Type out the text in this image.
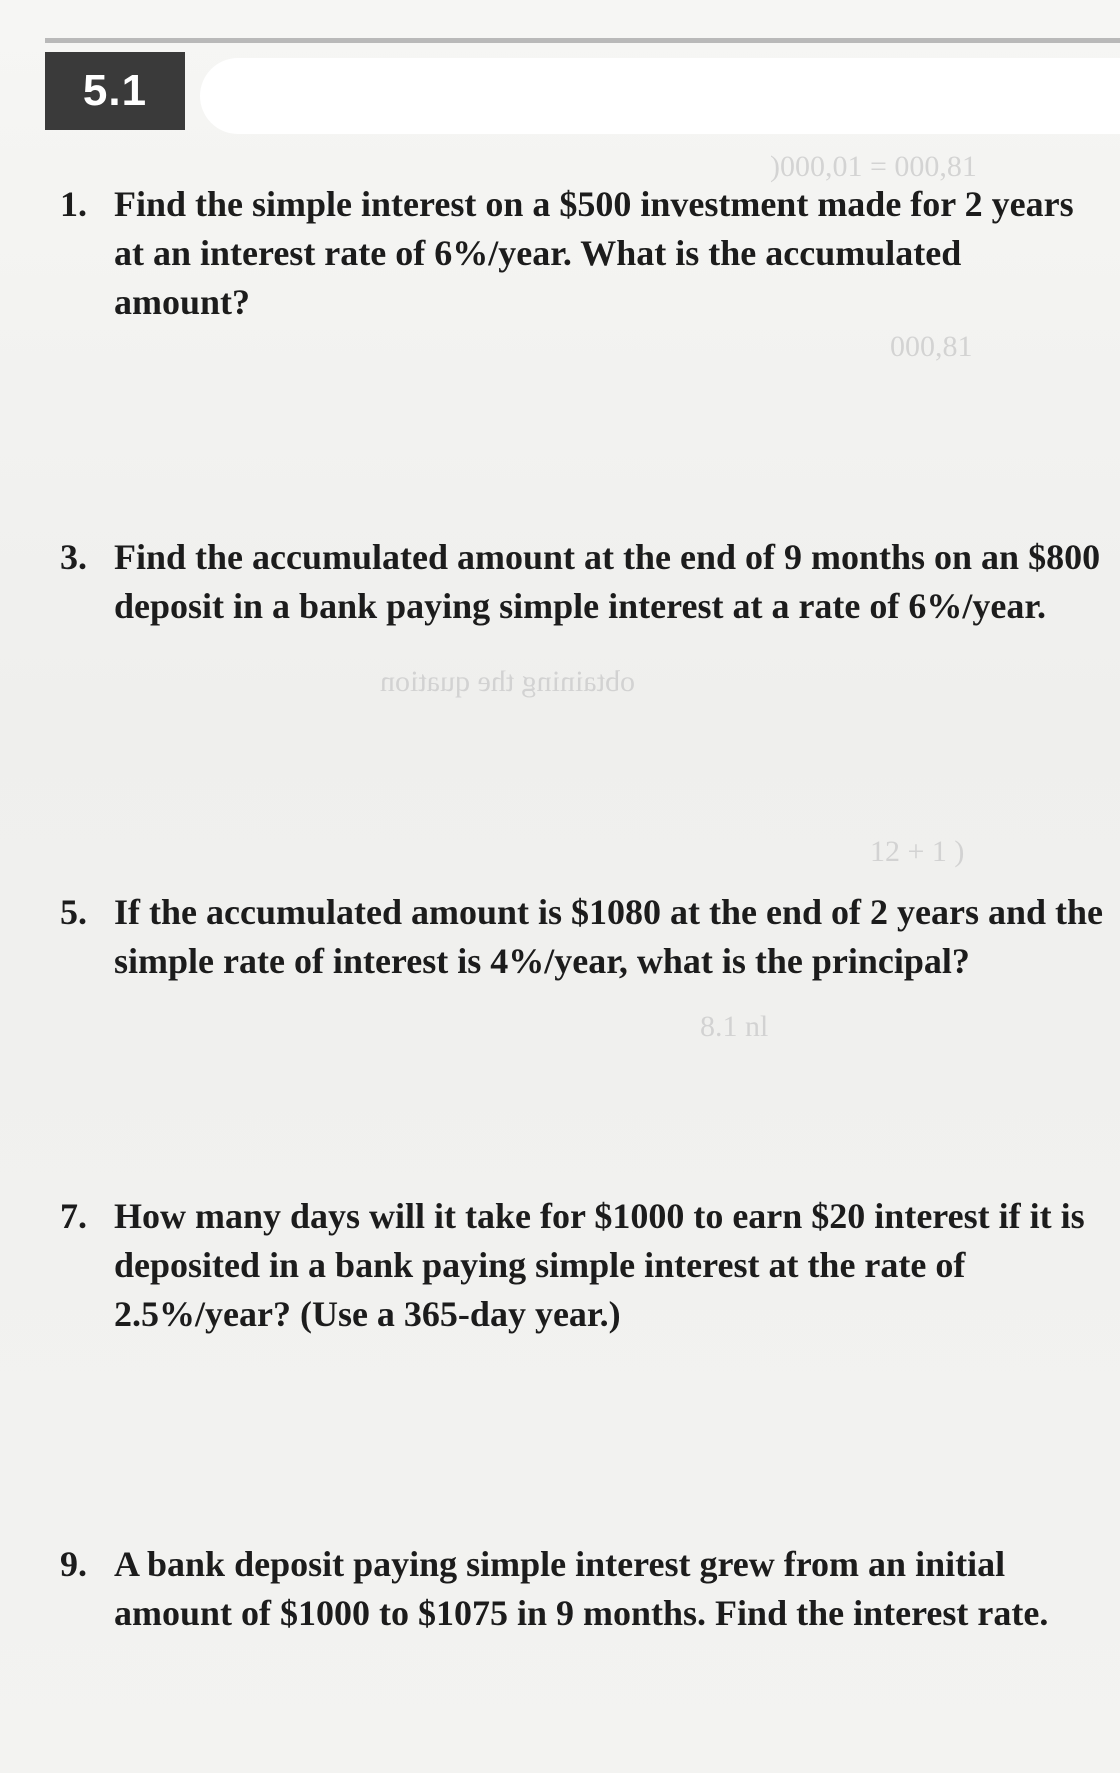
5.1
)000,01 = 000,81
000,81
obtaining the quation
12 + 1 )
8.1 nl
1. Find the simple interest on a $500 investment made for 2 years at an interest rate of 6%/year. What is the accumulated amount?
3. Find the accumulated amount at the end of 9 months on an $800 deposit in a bank paying simple interest at a rate of 6%/year.
5. If the accumulated amount is $1080 at the end of 2 years and the simple rate of interest is 4%/year, what is the principal?
7. How many days will it take for $1000 to earn $20 interest if it is deposited in a bank paying simple interest at the rate of 2.5%/year? (Use a 365-day year.)
9. A bank deposit paying simple interest grew from an initial amount of $1000 to $1075 in 9 months. Find the interest rate.
